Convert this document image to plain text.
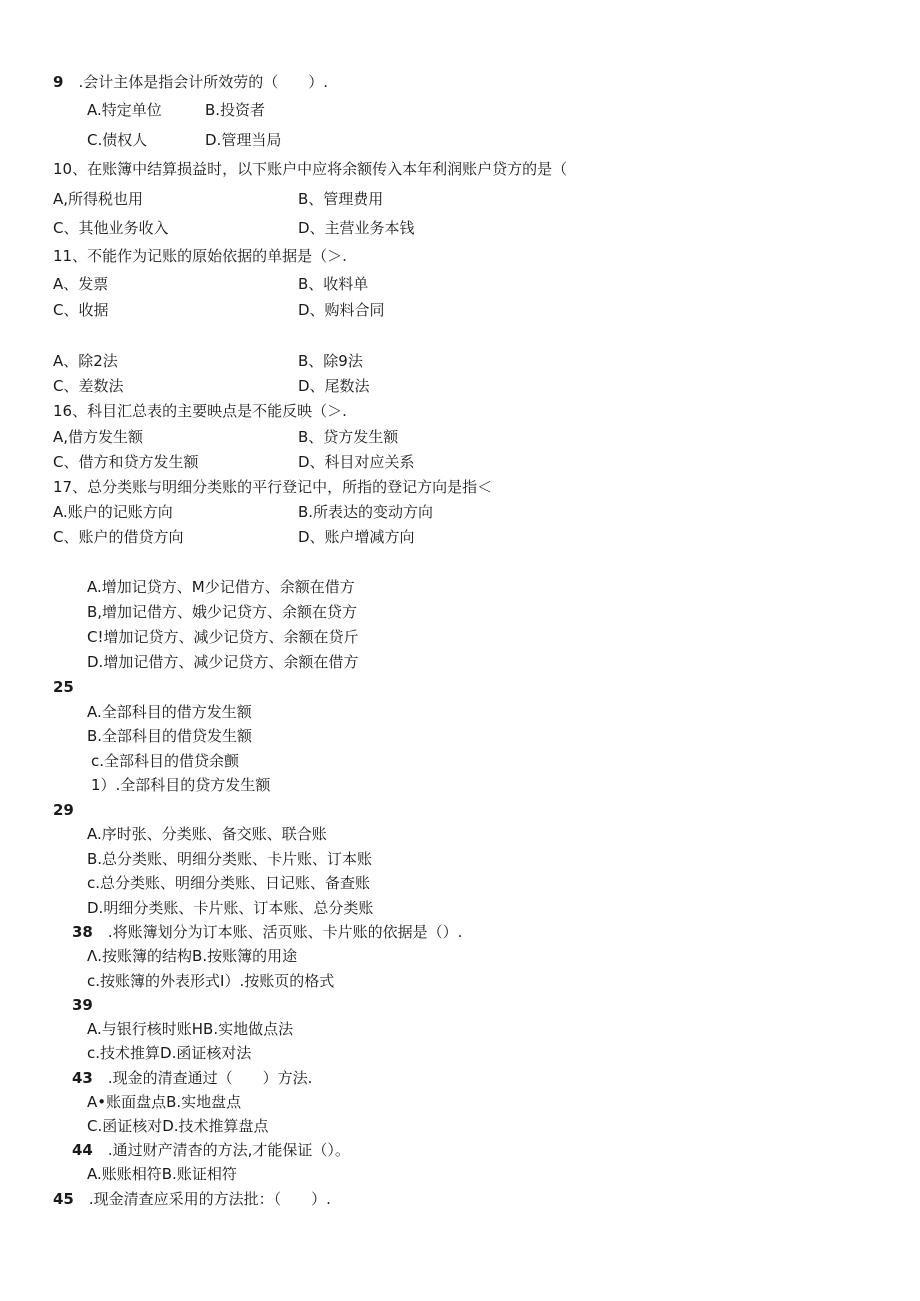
9　 .会计主体是指会计所效劳的（　　）.
A.特定单位	B.投资者
C.债权人	D.管理当局
10、在账簿中结算损益时，以下账户中应将余额传入本年利润账户贷方的是（
A,所得税也用	B、管理费用
C、其他业务收入	D、主营业务本钱
11、不能作为记账的原始依据的单据是（＞.
A、发票	B、收料单
C、收据	D、购料合同
A、除2法	B、除9法
C、差数法	D、尾数法
16、科目汇总表的主要映点是不能反映（＞.
A,借方发生额	B、贷方发生额
C、借方和贷方发生额	D、科目对应关系
17、总分类账与明细分类账的平行登记中，所指的登记方向是指＜
A.账户的记账方向	B.所表达的变动方向
C、账户的借贷方向	D、账户增减方向
A.增加记贷方、M少记借方、余额在借方
B,增加记借方、娥少记贷方、余额在贷方
C!增加记贷方、减少记贷方、余额在贷斤
D.增加记借方、减少记贷方、余额在借方
25
A.全部科目的借方发生额
B.全部科目的借贷发生额
c.全部科目的借贷余颤
1）.全部科目的贷方发生额
29
A.序时张、分类账、备交账、联合账
B.总分类账、明细分类账、卡片账、订本账
c.总分类账、明细分类账、日记账、备查账
D.明细分类账、卡片账、订本账、总分类账
38　 .将账簿划分为订本账、活页账、卡片账的依据是（）.
Λ.按账簿的结构B.按账簿的用途
c.按账簿的外表形式I）.按账页的格式
39
A.与银行核时账HB.实地做点法
c.技术推算D.函证核对法
43　 .现金的清查通过（　　）方法.
A•账面盘点B.实地盘点
C.函证核对D.技术推算盘点
44　 .通过财产清杳的方法,才能保证（）。
A.账账相符B.账证相符
45　 .现金清查应采用的方法批：（　　）.
